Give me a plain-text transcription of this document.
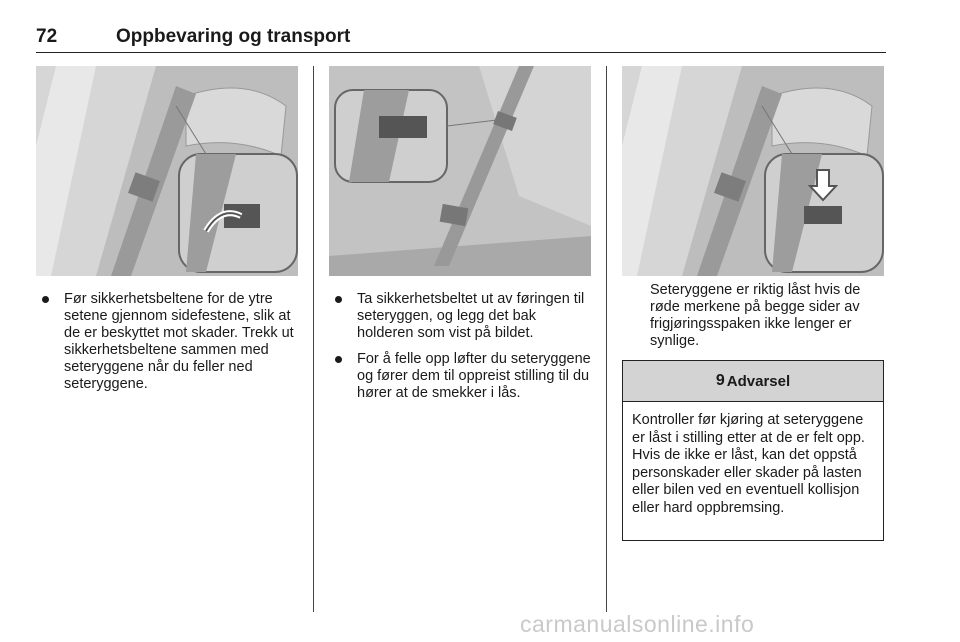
72	Oppbevaring og transport
Før sikkerhetsbeltene for de ytre setene gjennom sidefestene, slik at de er beskyttet mot skader. Trekk ut sikkerhetsbeltene sammen med seteryggene når du feller ned seteryggene.
Ta sikkerhetsbeltet ut av føringen til seteryggen, og legg det bak holderen som vist på bildet.
For å felle opp løfter du seteryggene og fører dem til oppreist stilling til du hører at de smekker i lås.
Seteryggene er riktig låst hvis de røde merkene på begge sider av frigjøringsspaken ikke lenger er synlige.
9 Advarsel
Kontroller før kjøring at seteryggene er låst i stilling etter at de er felt opp. Hvis de ikke er låst, kan det oppstå personskader eller skader på lasten eller bilen ved en eventuell kollisjon eller hard oppbremsing.
carmanualsonline.info
